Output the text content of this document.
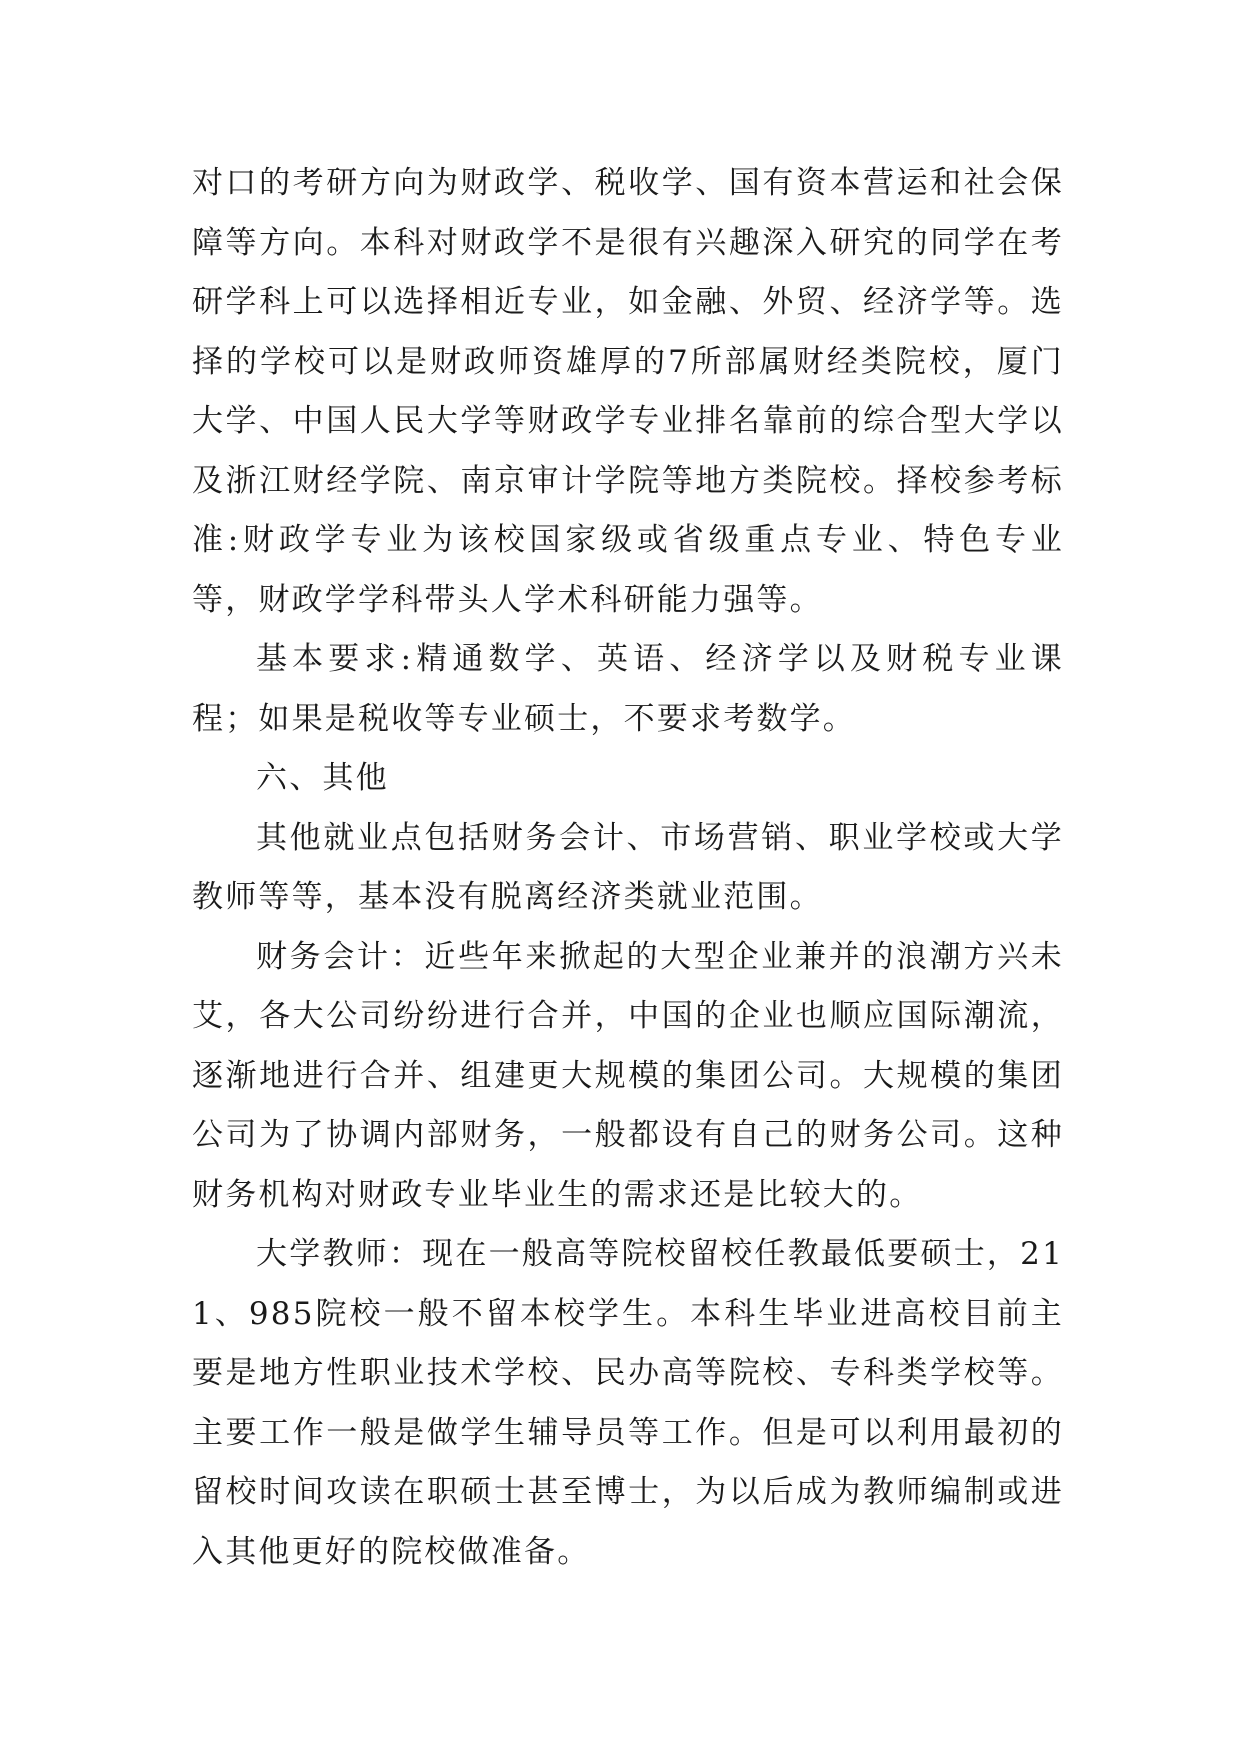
对口的考研方向为财政学、税收学、国有资本营运和社会保障等方向。本科对财政学不是很有兴趣深入研究的同学在考研学科上可以选择相近专业，如金融、外贸、经济学等。选择的学校可以是财政师资雄厚的7所部属财经类院校，厦门大学、中国人民大学等财政学专业排名靠前的综合型大学以及浙江财经学院、南京审计学院等地方类院校。择校参考标准:财政学专业为该校国家级或省级重点专业、特色专业等，财政学学科带头人学术科研能力强等。

基本要求:精通数学、英语、经济学以及财税专业课程；如果是税收等专业硕士，不要求考数学。

六、其他

其他就业点包括财务会计、市场营销、职业学校或大学教师等等，基本没有脱离经济类就业范围。

财务会计：近些年来掀起的大型企业兼并的浪潮方兴未艾，各大公司纷纷进行合并，中国的企业也顺应国际潮流，逐渐地进行合并、组建更大规模的集团公司。大规模的集团公司为了协调内部财务，一般都设有自己的财务公司。这种财务机构对财政专业毕业生的需求还是比较大的。

大学教师：现在一般高等院校留校任教最低要硕士，211、985院校一般不留本校学生。本科生毕业进高校目前主要是地方性职业技术学校、民办高等院校、专科类学校等。主要工作一般是做学生辅导员等工作。但是可以利用最初的留校时间攻读在职硕士甚至博士，为以后成为教师编制或进入其他更好的院校做准备。
